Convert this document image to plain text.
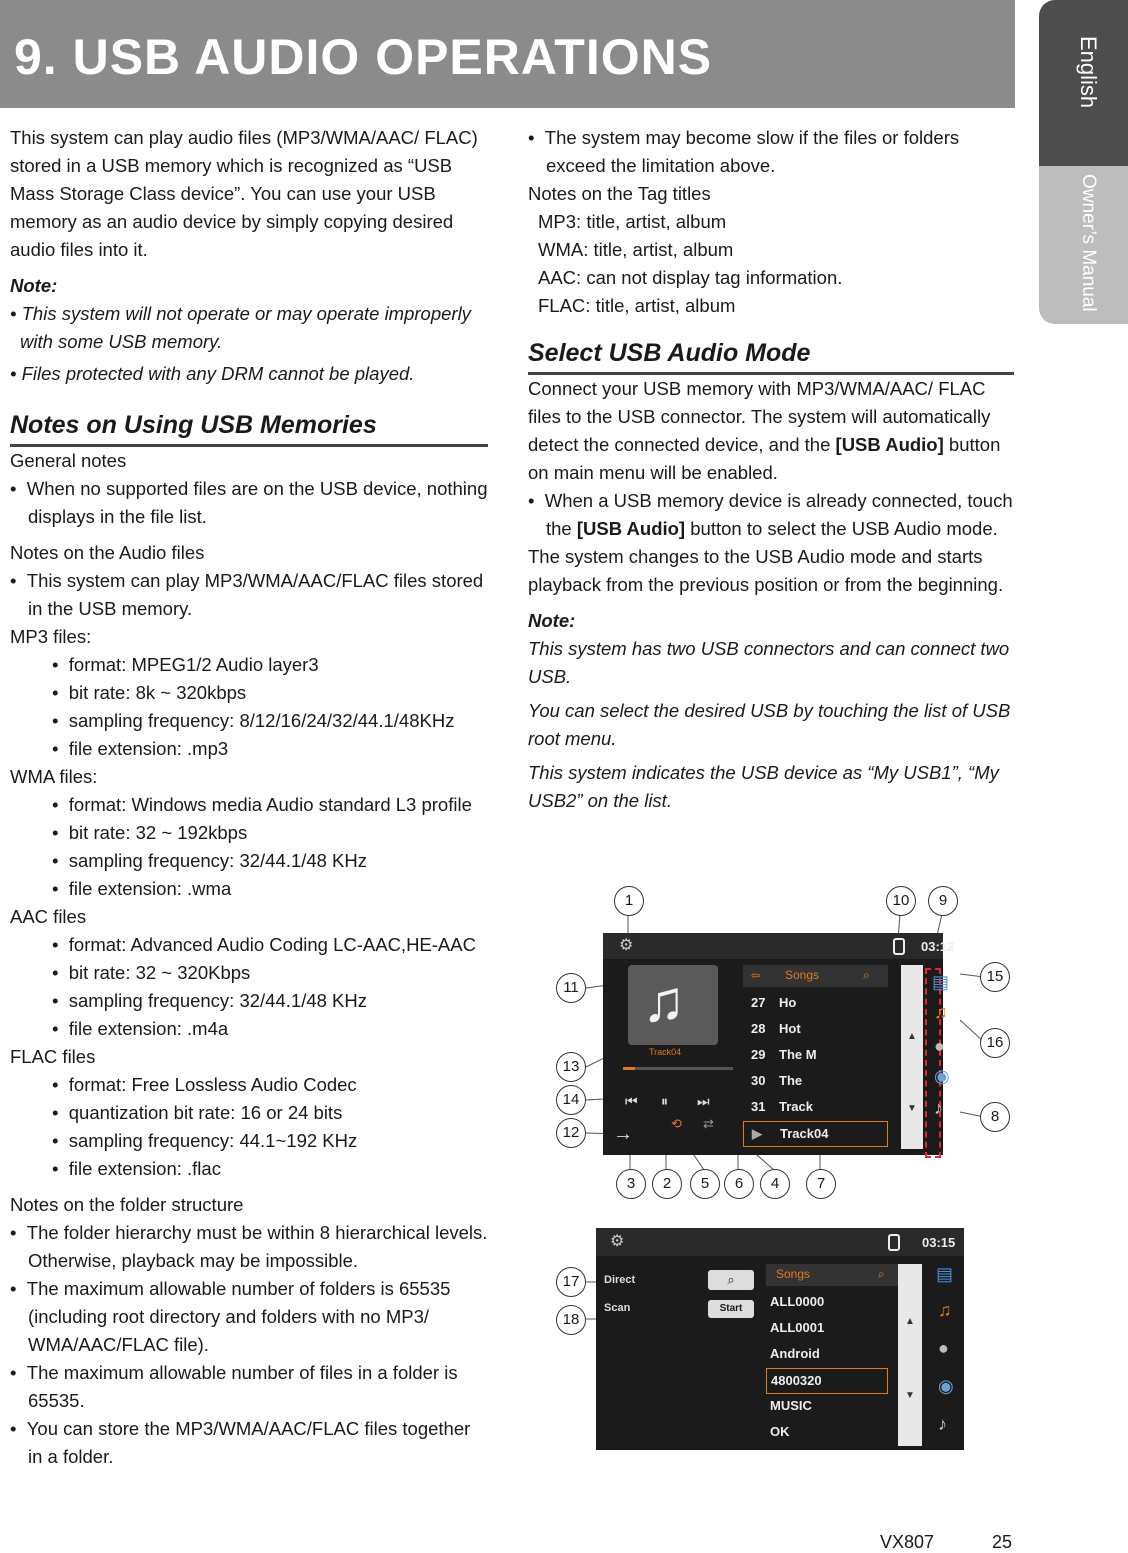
9. USB AUDIO OPERATIONS	English
Owner’s Manual

This system can play audio files (MP3/WMA/AAC/ FLAC) stored in a USB memory which is recognized as “USB Mass Storage Class device”. You can use your USB memory as an audio device by simply copying desired audio files into it.

Note:

• This system will not operate or may operate improperly with some USB memory.

• Files protected with any DRM cannot be played.

Notes on Using USB Memories

General notes

•  When no supported files are on the USB device, nothing displays in the file list.

Notes on the Audio files

•  This system can play MP3/WMA/AAC/FLAC files stored in the USB memory.

MP3 files:

•  format: MPEG1/2 Audio layer3

•  bit rate: 8k ~ 320kbps

•  sampling frequency: 8/12/16/24/32/44.1/48KHz

•  file extension: .mp3

WMA files:

•  format: Windows media Audio standard L3 profile

•  bit rate: 32 ~ 192kbps

•  sampling frequency: 32/44.1/48 KHz

•  file extension: .wma

AAC files

•  format: Advanced Audio Coding LC-AAC,HE-AAC

•  bit rate: 32 ~ 320Kbps

•  sampling frequency: 32/44.1/48 KHz

•  file extension: .m4a

FLAC files

•  format: Free Lossless Audio Codec

•  quantization bit rate: 16 or 24 bits

•  sampling frequency: 44.1~192 KHz

•  file extension: .flac

Notes on the folder structure

•  The folder hierarchy must be within 8 hierarchical levels. Otherwise, playback may be impossible.

•  The maximum allowable number of folders is 65535 (including root directory and folders with no MP3/ WMA/AAC/FLAC file).

•  The maximum allowable number of files in a folder is 65535.

•  You can store the MP3/WMA/AAC/FLAC files together in a folder.

•  The system may become slow if the files or folders exceed the limitation above.

Notes on the Tag titles

MP3: title, artist, album

WMA: title, artist, album

AAC: can not display tag information.

FLAC: title, artist, album

Select USB Audio Mode

Connect your USB memory with MP3/WMA/AAC/ FLAC files to the USB connector. The system will automatically detect the connected device, and the [USB Audio] button on main menu will be enabled.

•  When a USB memory device is already connected, touch the [USB Audio] button to select the USB Audio mode.

The system changes to the USB Audio mode and starts playback from the previous position or from the beginning.

Note:

This system has two USB connectors and can connect two USB.

You can select the desired USB by touching the list of USB root menu.

This system indicates the USB device as “My USB1”, “My USB2” on the list.

⚙	03:12
♫
Track04
⏮ ⏸ ⏭
⟲ ⇄
→
⇦ Songs	⌕
27 Ho
28 Hot
29 The M
30 The
31 Track
▶ Track04
▲
▼
▤
♫
●
◉
♪
1	10	9
15
11
16
13
14
8
12
3	2	5	6	4	7
⚙	03:15
Direct
Scan
⌕
Start
Songs	⌕
ALL0000
ALL0001
Android
4800320
MUSIC
OK
▲
▼
▤
♫
●
◉
♪
17
18
VX807	25
